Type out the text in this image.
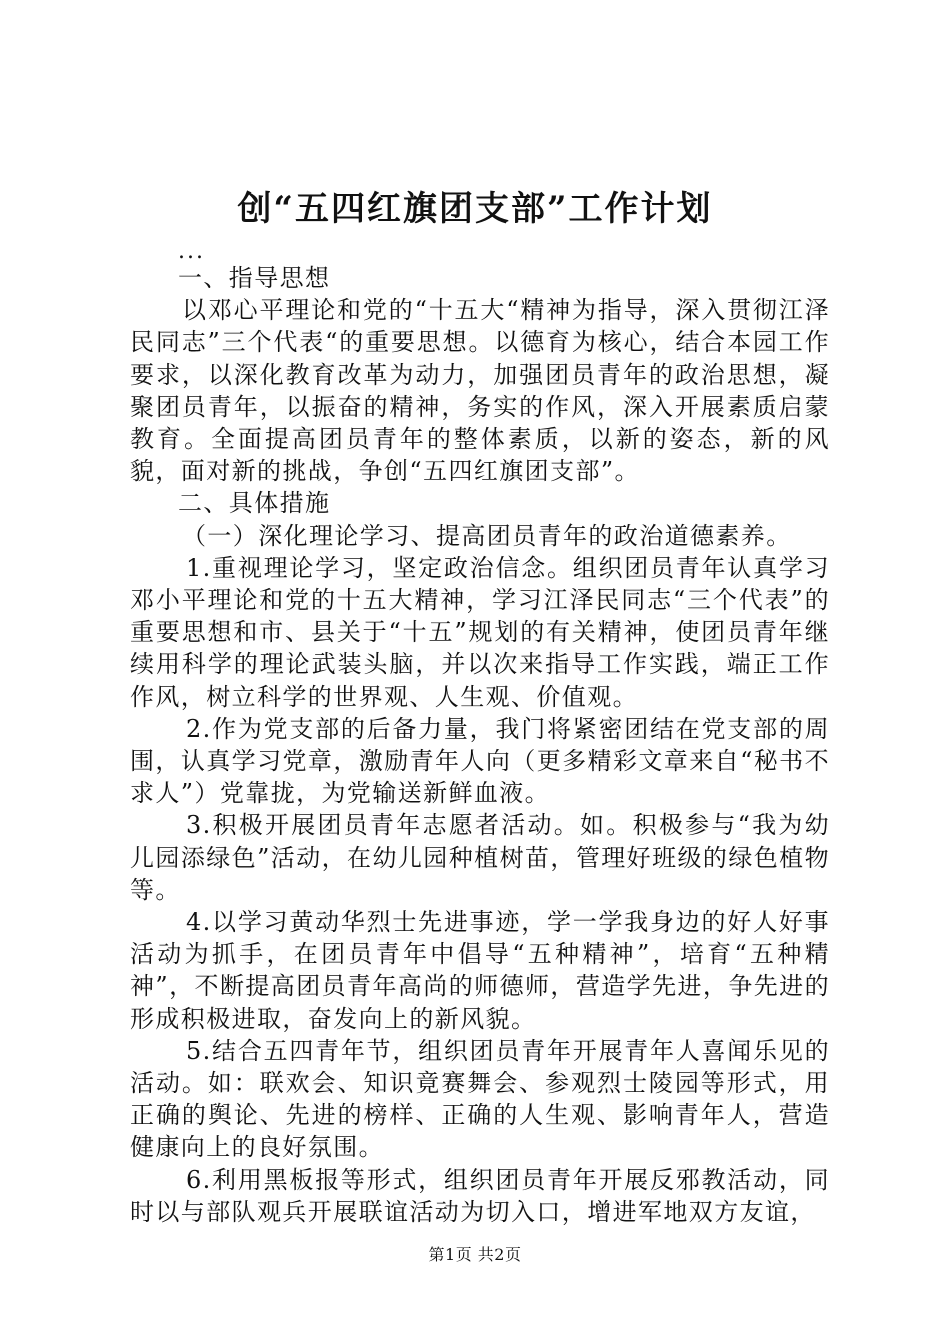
创“五四红旗团支部”工作计划
...

一、指导思想

以邓心平理论和党的“十五大“精神为指导，深入贯彻江泽民同志”三个代表“的重要思想。以德育为核心，结合本园工作要求，以深化教育改革为动力，加强团员青年的政治思想，凝聚团员青年，以振奋的精神，务实的作风，深入开展素质启蒙教育。全面提高团员青年的整体素质，以新的姿态，新的风貌，面对新的挑战，争创“五四红旗团支部”。

二、具体措施

（一）深化理论学习、提高团员青年的政治道德素养。

1.重视理论学习，坚定政治信念。组织团员青年认真学习邓小平理论和党的十五大精神，学习江泽民同志“三个代表”的重要思想和市、县关于“十五”规划的有关精神，使团员青年继续用科学的理论武装头脑，并以次来指导工作实践，端正工作作风，树立科学的世界观、人生观、价值观。

2.作为党支部的后备力量，我门将紧密团结在党支部的周围，认真学习党章，激励青年人向（更多精彩文章来自“秘书不求人”）党靠拢，为党输送新鲜血液。

3.积极开展团员青年志愿者活动。如。积极参与“我为幼儿园添绿色”活动，在幼儿园种植树苗，管理好班级的绿色植物等。

4.以学习黄动华烈士先进事迹，学一学我身边的好人好事活动为抓手，在团员青年中倡导“五种精神”，培育“五种精神”，不断提高团员青年高尚的师德师，营造学先进，争先进的形成积极进取，奋发向上的新风貌。

5.结合五四青年节，组织团员青年开展青年人喜闻乐见的活动。如：联欢会、知识竟赛舞会、参观烈士陵园等形式，用正确的舆论、先进的榜样、正确的人生观、影响青年人，营造健康向上的良好氛围。

6.利用黑板报等形式，组织团员青年开展反邪教活动，同时以与部队观兵开展联谊活动为切入口，增进军地双方友谊，

第1页 共2页
